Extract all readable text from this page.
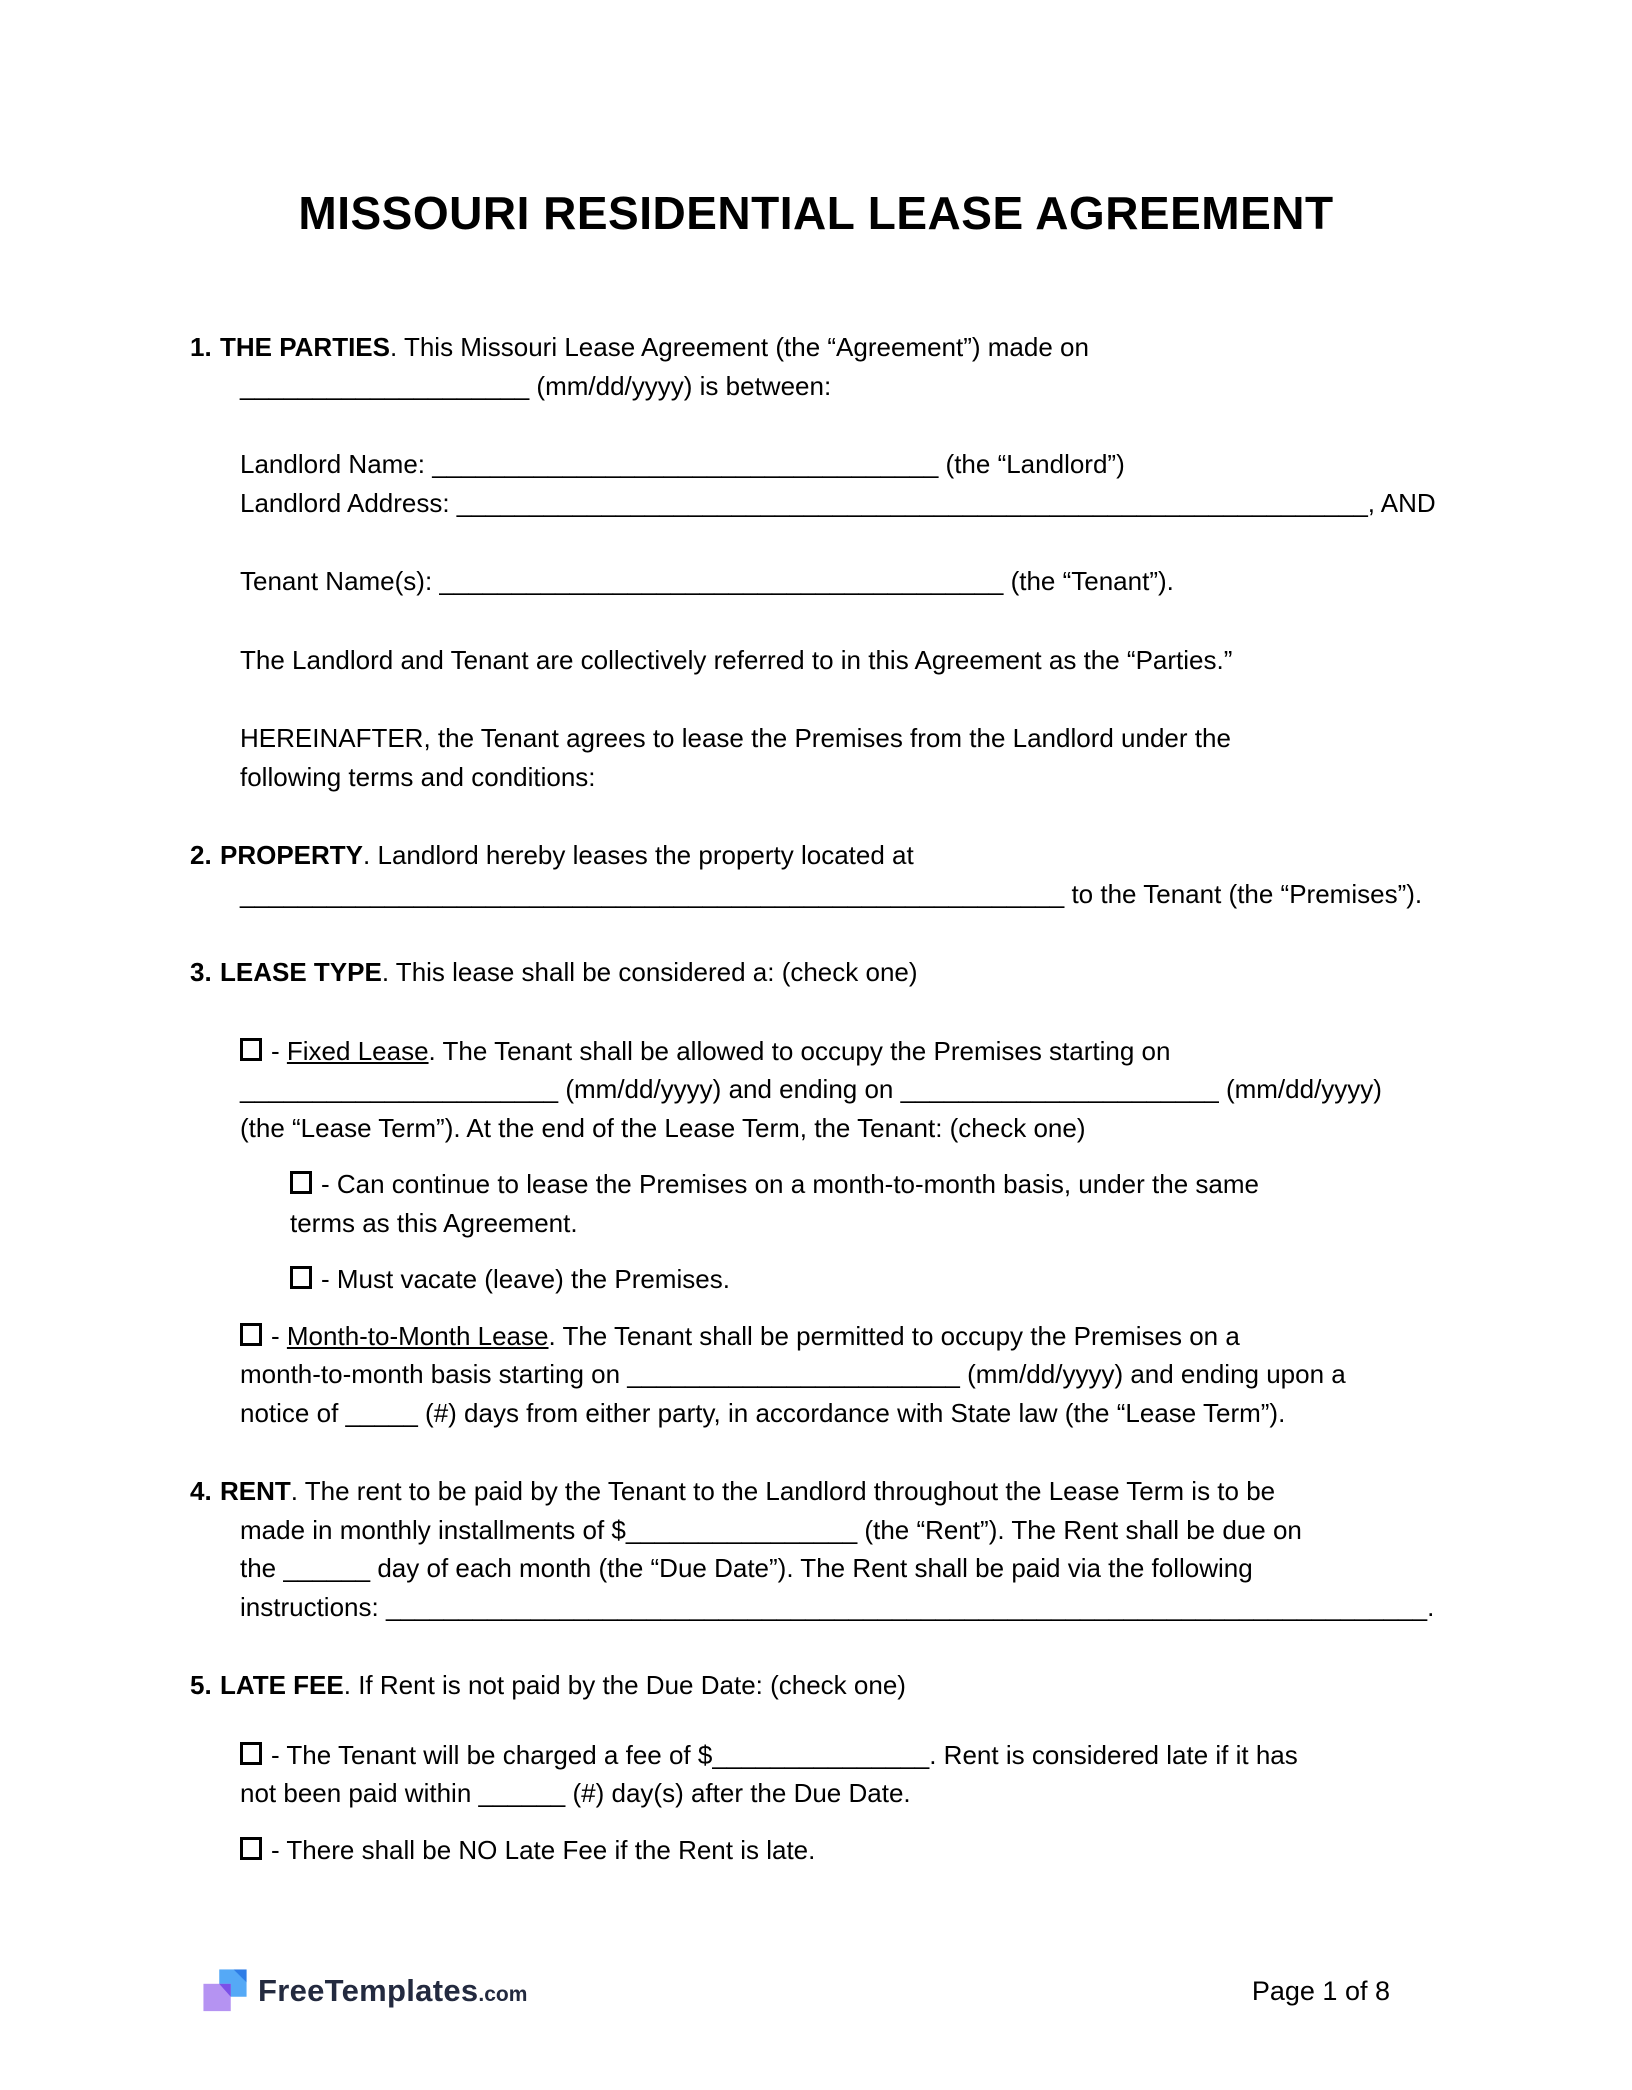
MISSOURI RESIDENTIAL LEASE AGREEMENT
1. THE PARTIES. This Missouri Lease Agreement (the “Agreement”) made on
____________________ (mm/dd/yyyy) is between:
Landlord Name: ___________________________________ (the “Landlord”)
Landlord Address: _______________________________________________________________, AND
Tenant Name(s): _______________________________________ (the “Tenant”).
The Landlord and Tenant are collectively referred to in this Agreement as the “Parties.”
HEREINAFTER, the Tenant agrees to lease the Premises from the Landlord under the
following terms and conditions:
2. PROPERTY. Landlord hereby leases the property located at
_________________________________________________________ to the Tenant (the “Premises”).
3. LEASE TYPE. This lease shall be considered a: (check one)
- Fixed Lease. The Tenant shall be allowed to occupy the Premises starting on
______________________ (mm/dd/yyyy) and ending on ______________________ (mm/dd/yyyy)
(the “Lease Term”). At the end of the Lease Term, the Tenant: (check one)
- Can continue to lease the Premises on a month-to-month basis, under the same
terms as this Agreement.
- Must vacate (leave) the Premises.
- Month-to-Month Lease. The Tenant shall be permitted to occupy the Premises on a
month-to-month basis starting on _______________________ (mm/dd/yyyy) and ending upon a
notice of _____ (#) days from either party, in accordance with State law (the “Lease Term”).
4. RENT. The rent to be paid by the Tenant to the Landlord throughout the Lease Term is to be
made in monthly installments of $________________ (the “Rent”). The Rent shall be due on
the ______ day of each month (the “Due Date”). The Rent shall be paid via the following
instructions: ________________________________________________________________________.
5. LATE FEE. If Rent is not paid by the Due Date: (check one)
- The Tenant will be charged a fee of $_______________. Rent is considered late if it has
not been paid within ______ (#) day(s) after the Due Date.
- There shall be NO Late Fee if the Rent is late.
FreeTemplates .com	Page 1 of 8
